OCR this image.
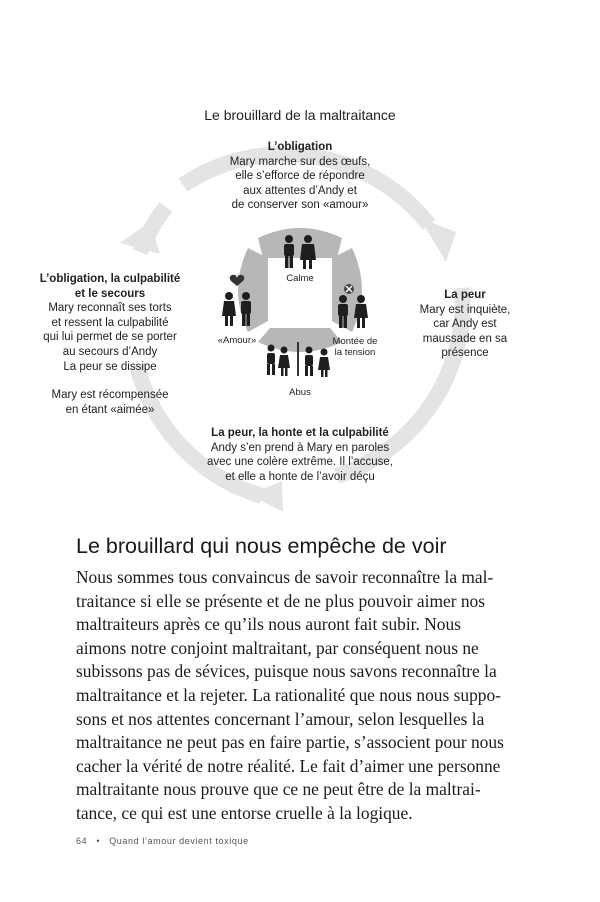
Le brouillard de la maltraitance
L’obligation
Mary marche sur des œufs,
elle s’efforce de répondre
aux attentes d’Andy et
de conserver son «amour»
La peur
Mary est inquiète,
car Andy est
maussade en sa
présence
La peur, la honte et la culpabilité
Andy s’en prend à Mary en paroles
avec une colère extrême. Il l’accuse,
et elle a honte de l’avoir déçu
L’obligation, la culpabilité
et le secours
Mary reconnaît ses torts
et ressent la culpabilité
qui lui permet de se porter
au secours d’Andy
La peur se dissipe
Mary est récompensée
en étant «aimée»
Calme
Montée de
la tension
Abus
«Amour»
Le brouillard qui nous empêche de voir
Nous sommes tous convaincus de savoir reconnaître la mal-
traitance si elle se présente et de ne plus pouvoir aimer nos
maltraiteurs après ce qu’ils nous auront fait subir. Nous
aimons notre conjoint maltraitant, par conséquent nous ne
subissons pas de sévices, puisque nous savons reconnaître la
maltraitance et la rejeter. La rationalité que nous nous suppo-
sons et nos attentes concernant l’amour, selon lesquelles la
maltraitance ne peut pas en faire partie, s’associent pour nous
cacher la vérité de notre réalité. Le fait d’aimer une personne
maltraitante nous prouve que ce ne peut être de la maltrai-
tance, ce qui est une entorse cruelle à la logique.
64 • Quand l’amour devient toxique
